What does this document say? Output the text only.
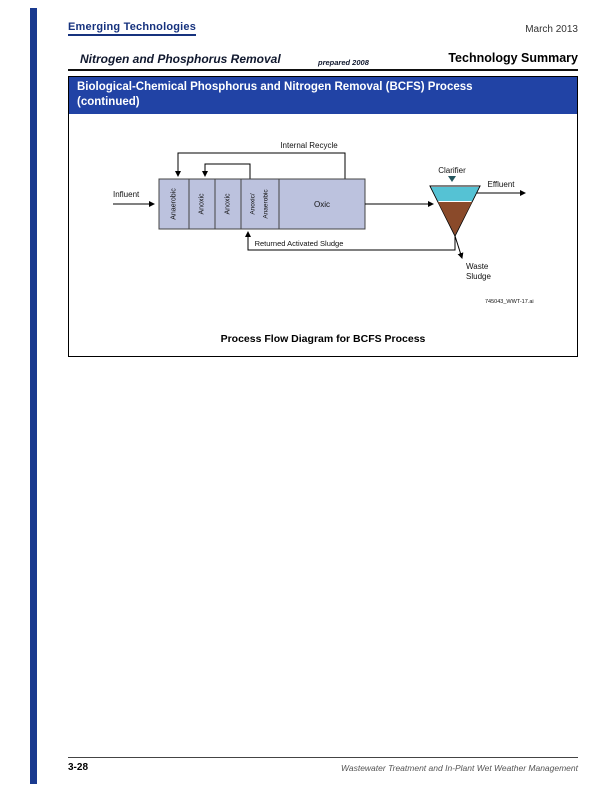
Emerging Technologies	March 2013
Nitrogen and Phosphorus Removal	prepared 2008	Technology Summary
Biological-Chemical Phosphorus and Nitrogen Removal (BCFS) Process
(continued)
Internal Recycle
Influent	Anaerobic	Anoxic	Anoxic	Anoxic/ Anaerobic	Oxic
Clarifier
Effluent
Returned Activated Sludge
Waste
Sludge
745043_WWT-17.ai
Process Flow Diagram for BCFS Process
3-28	Wastewater Treatment and In-Plant Wet Weather Management
